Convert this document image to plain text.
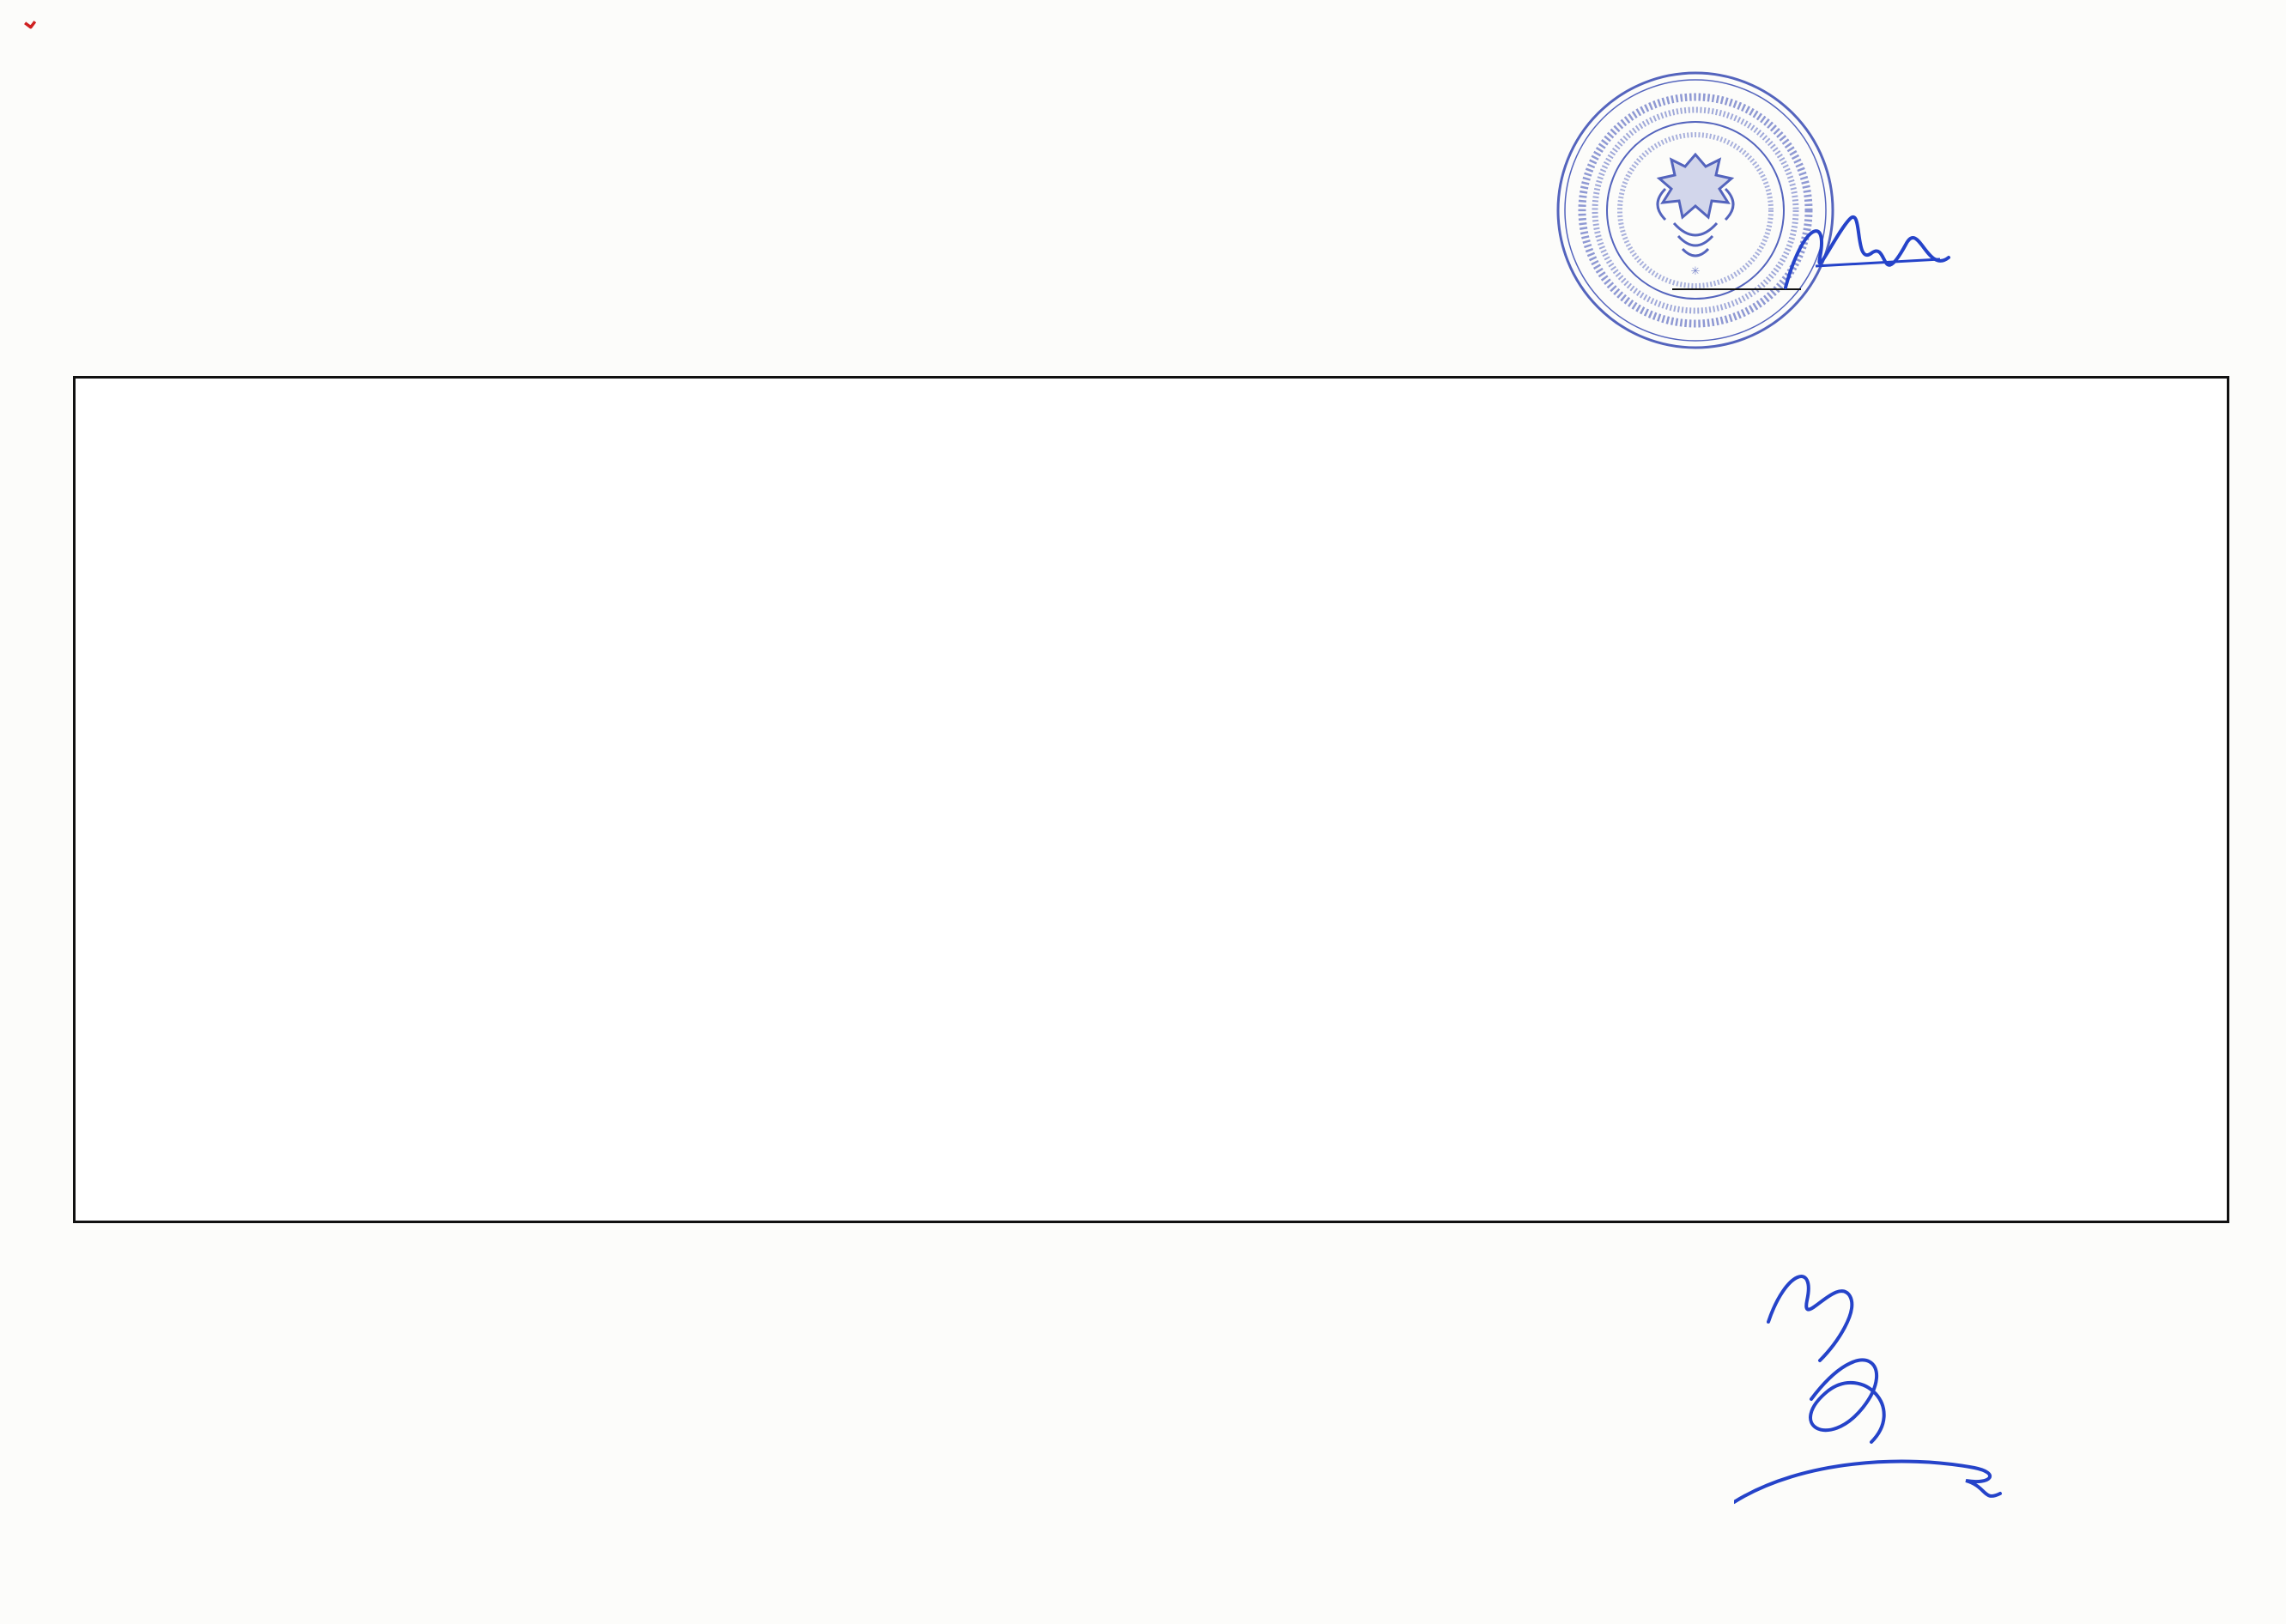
⌄
✳
